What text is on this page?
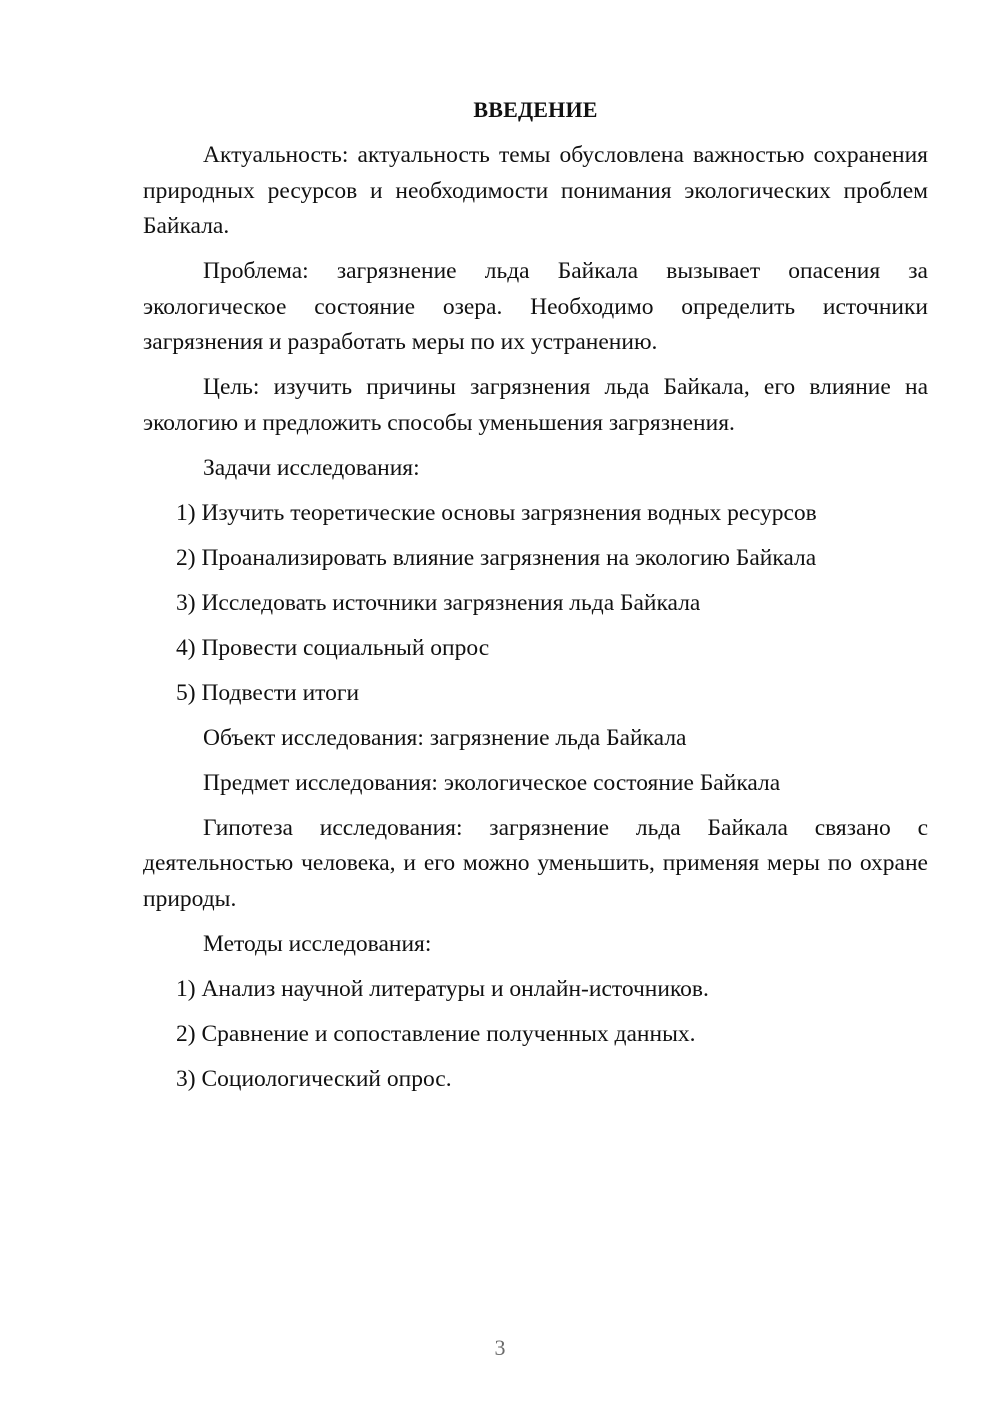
ВВЕДЕНИЕ
Актуальность: актуальность темы обусловлена важностью сохранения природных ресурсов и необходимости понимания экологических проблем Байкала.
Проблема: загрязнение льда Байкала вызывает опасения за экологическое состояние озера. Необходимо определить источники загрязнения и разработать меры по их устранению.
Цель: изучить причины загрязнения льда Байкала, его влияние на экологию и предложить способы уменьшения загрязнения.
Задачи исследования:
1) Изучить теоретические основы загрязнения водных ресурсов
2) Проанализировать влияние загрязнения на экологию Байкала
3) Исследовать источники загрязнения льда Байкала
4) Провести социальный опрос
5) Подвести итоги
Объект исследования: загрязнение льда Байкала
Предмет исследования: экологическое состояние Байкала
Гипотеза исследования: загрязнение льда Байкала связано с деятельностью человека, и его можно уменьшить, применяя меры по охране природы.
Методы исследования:
1) Анализ научной литературы и онлайн-источников.
2) Сравнение и сопоставление полученных данных.
3) Социологический опрос.
3
